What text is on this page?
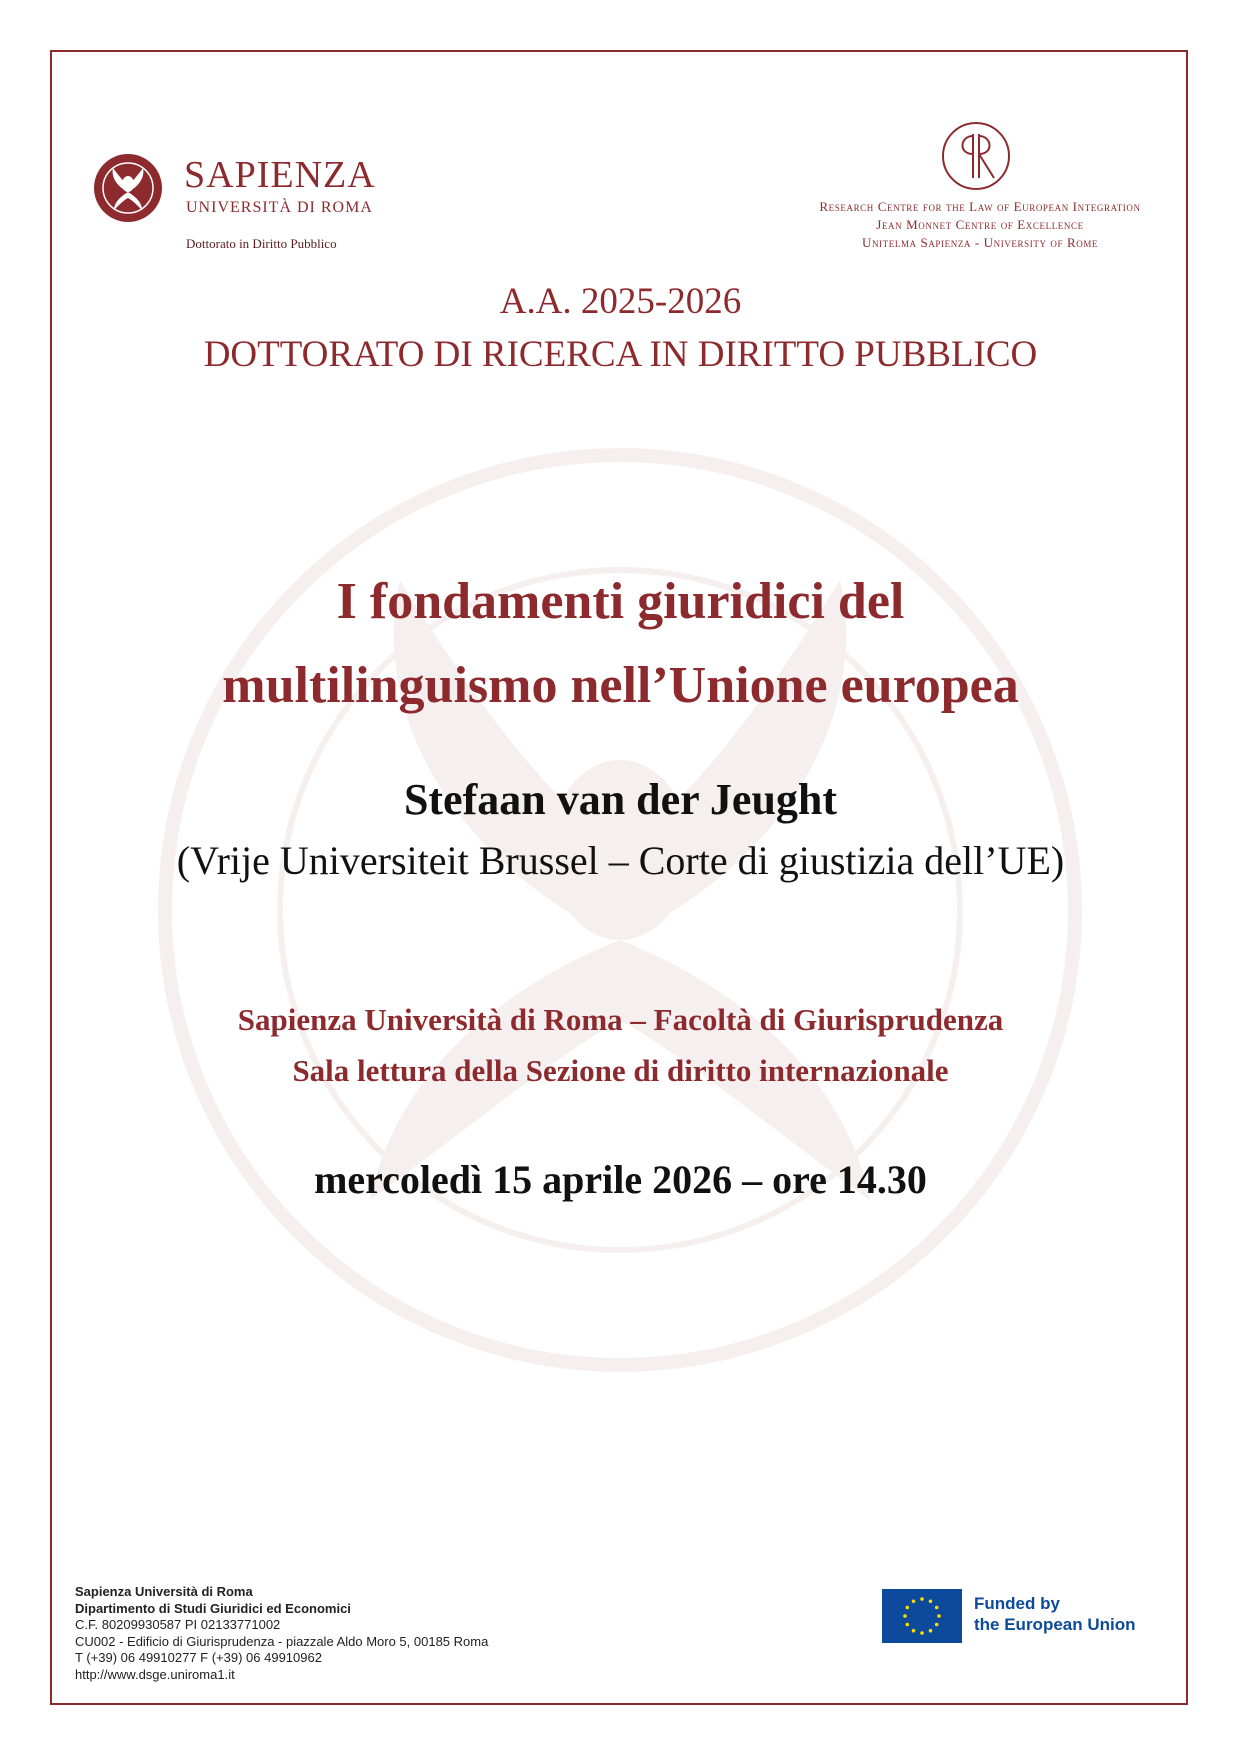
SAPIENZA
UNIVERSITÀ DI ROMA
Dottorato in Diritto Pubblico
Research Centre for the Law of European Integration
Jean Monnet Centre of Excellence
Unitelma Sapienza - University of Rome
A.A. 2025-2026
DOTTORATO DI RICERCA IN DIRITTO PUBBLICO
I fondamenti giuridici del
multilinguismo nell’Unione europea
Stefaan van der Jeught
(Vrije Universiteit Brussel – Corte di giustizia dell’UE)
Sapienza Università di Roma – Facoltà di Giurisprudenza
Sala lettura della Sezione di diritto internazionale
mercoledì 15 aprile 2026 – ore 14.30
Sapienza Università di Roma
Dipartimento di Studi Giuridici ed Economici
C.F. 80209930587 PI 02133771002
CU002 - Edificio di Giurisprudenza - piazzale Aldo Moro 5, 00185 Roma
T (+39) 06 49910277 F (+39) 06 49910962
http://www.dsge.uniroma1.it
Funded by
the European Union
